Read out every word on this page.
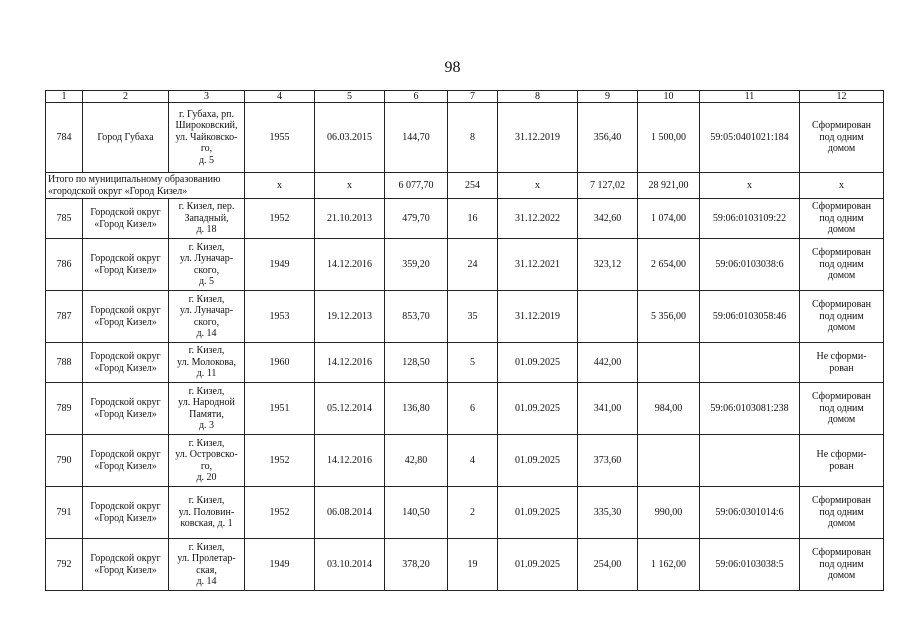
98
1	2	3	4	5	6	7	8	9	10	11	12
784	Город Губаха	г. Губаха, рп.
Широковский,
ул. Чайковско-
го,
д. 5	1955	06.03.2015	144,70	8	31.12.2019	356,40	1 500,00	59:05:0401021:184	Сформирован
под одним
домом
Итого по муниципальному образованию
«городской округ «Город Кизел»			x	x	6 077,70	254	x	7 127,02	28 921,00	x	x
785	Городской округ
«Город Кизел»	г. Кизел, пер.
Западный,
д. 18	1952	21.10.2013	479,70	16	31.12.2022	342,60	1 074,00	59:06:0103109:22	Сформирован
под одним
домом
786	Городской округ
«Город Кизел»	г. Кизел,
ул. Луначар-
ского,
д. 5	1949	14.12.2016	359,20	24	31.12.2021	323,12	2 654,00	59:06:0103038:6	Сформирован
под одним
домом
787	Городской округ
«Город Кизел»	г. Кизел,
ул. Луначар-
ского,
д. 14	1953	19.12.2013	853,70	35	31.12.2019		5 356,00	59:06:0103058:46	Сформирован
под одним
домом
788	Городской округ
«Город Кизел»	г. Кизел,
ул. Молокова,
д. 11	1960	14.12.2016	128,50	5	01.09.2025	442,00			Не сформи-
рован
789	Городской округ
«Город Кизел»	г. Кизел,
ул. Народной
Памяти,
д. 3	1951	05.12.2014	136,80	6	01.09.2025	341,00	984,00	59:06:0103081:238	Сформирован
под одним
домом
790	Городской округ
«Город Кизел»	г. Кизел,
ул. Островско-
го,
д. 20	1952	14.12.2016	42,80	4	01.09.2025	373,60			Не сформи-
рован
791	Городской округ
«Город Кизел»	г. Кизел,
ул. Половин-
ковская, д. 1	1952	06.08.2014	140,50	2	01.09.2025	335,30	990,00	59:06:0301014:6	Сформирован
под одним
домом
792	Городской округ
«Город Кизел»	г. Кизел,
ул. Пролетар-
ская,
д. 14	1949	03.10.2014	378,20	19	01.09.2025	254,00	1 162,00	59:06:0103038:5	Сформирован
под одним
домом
